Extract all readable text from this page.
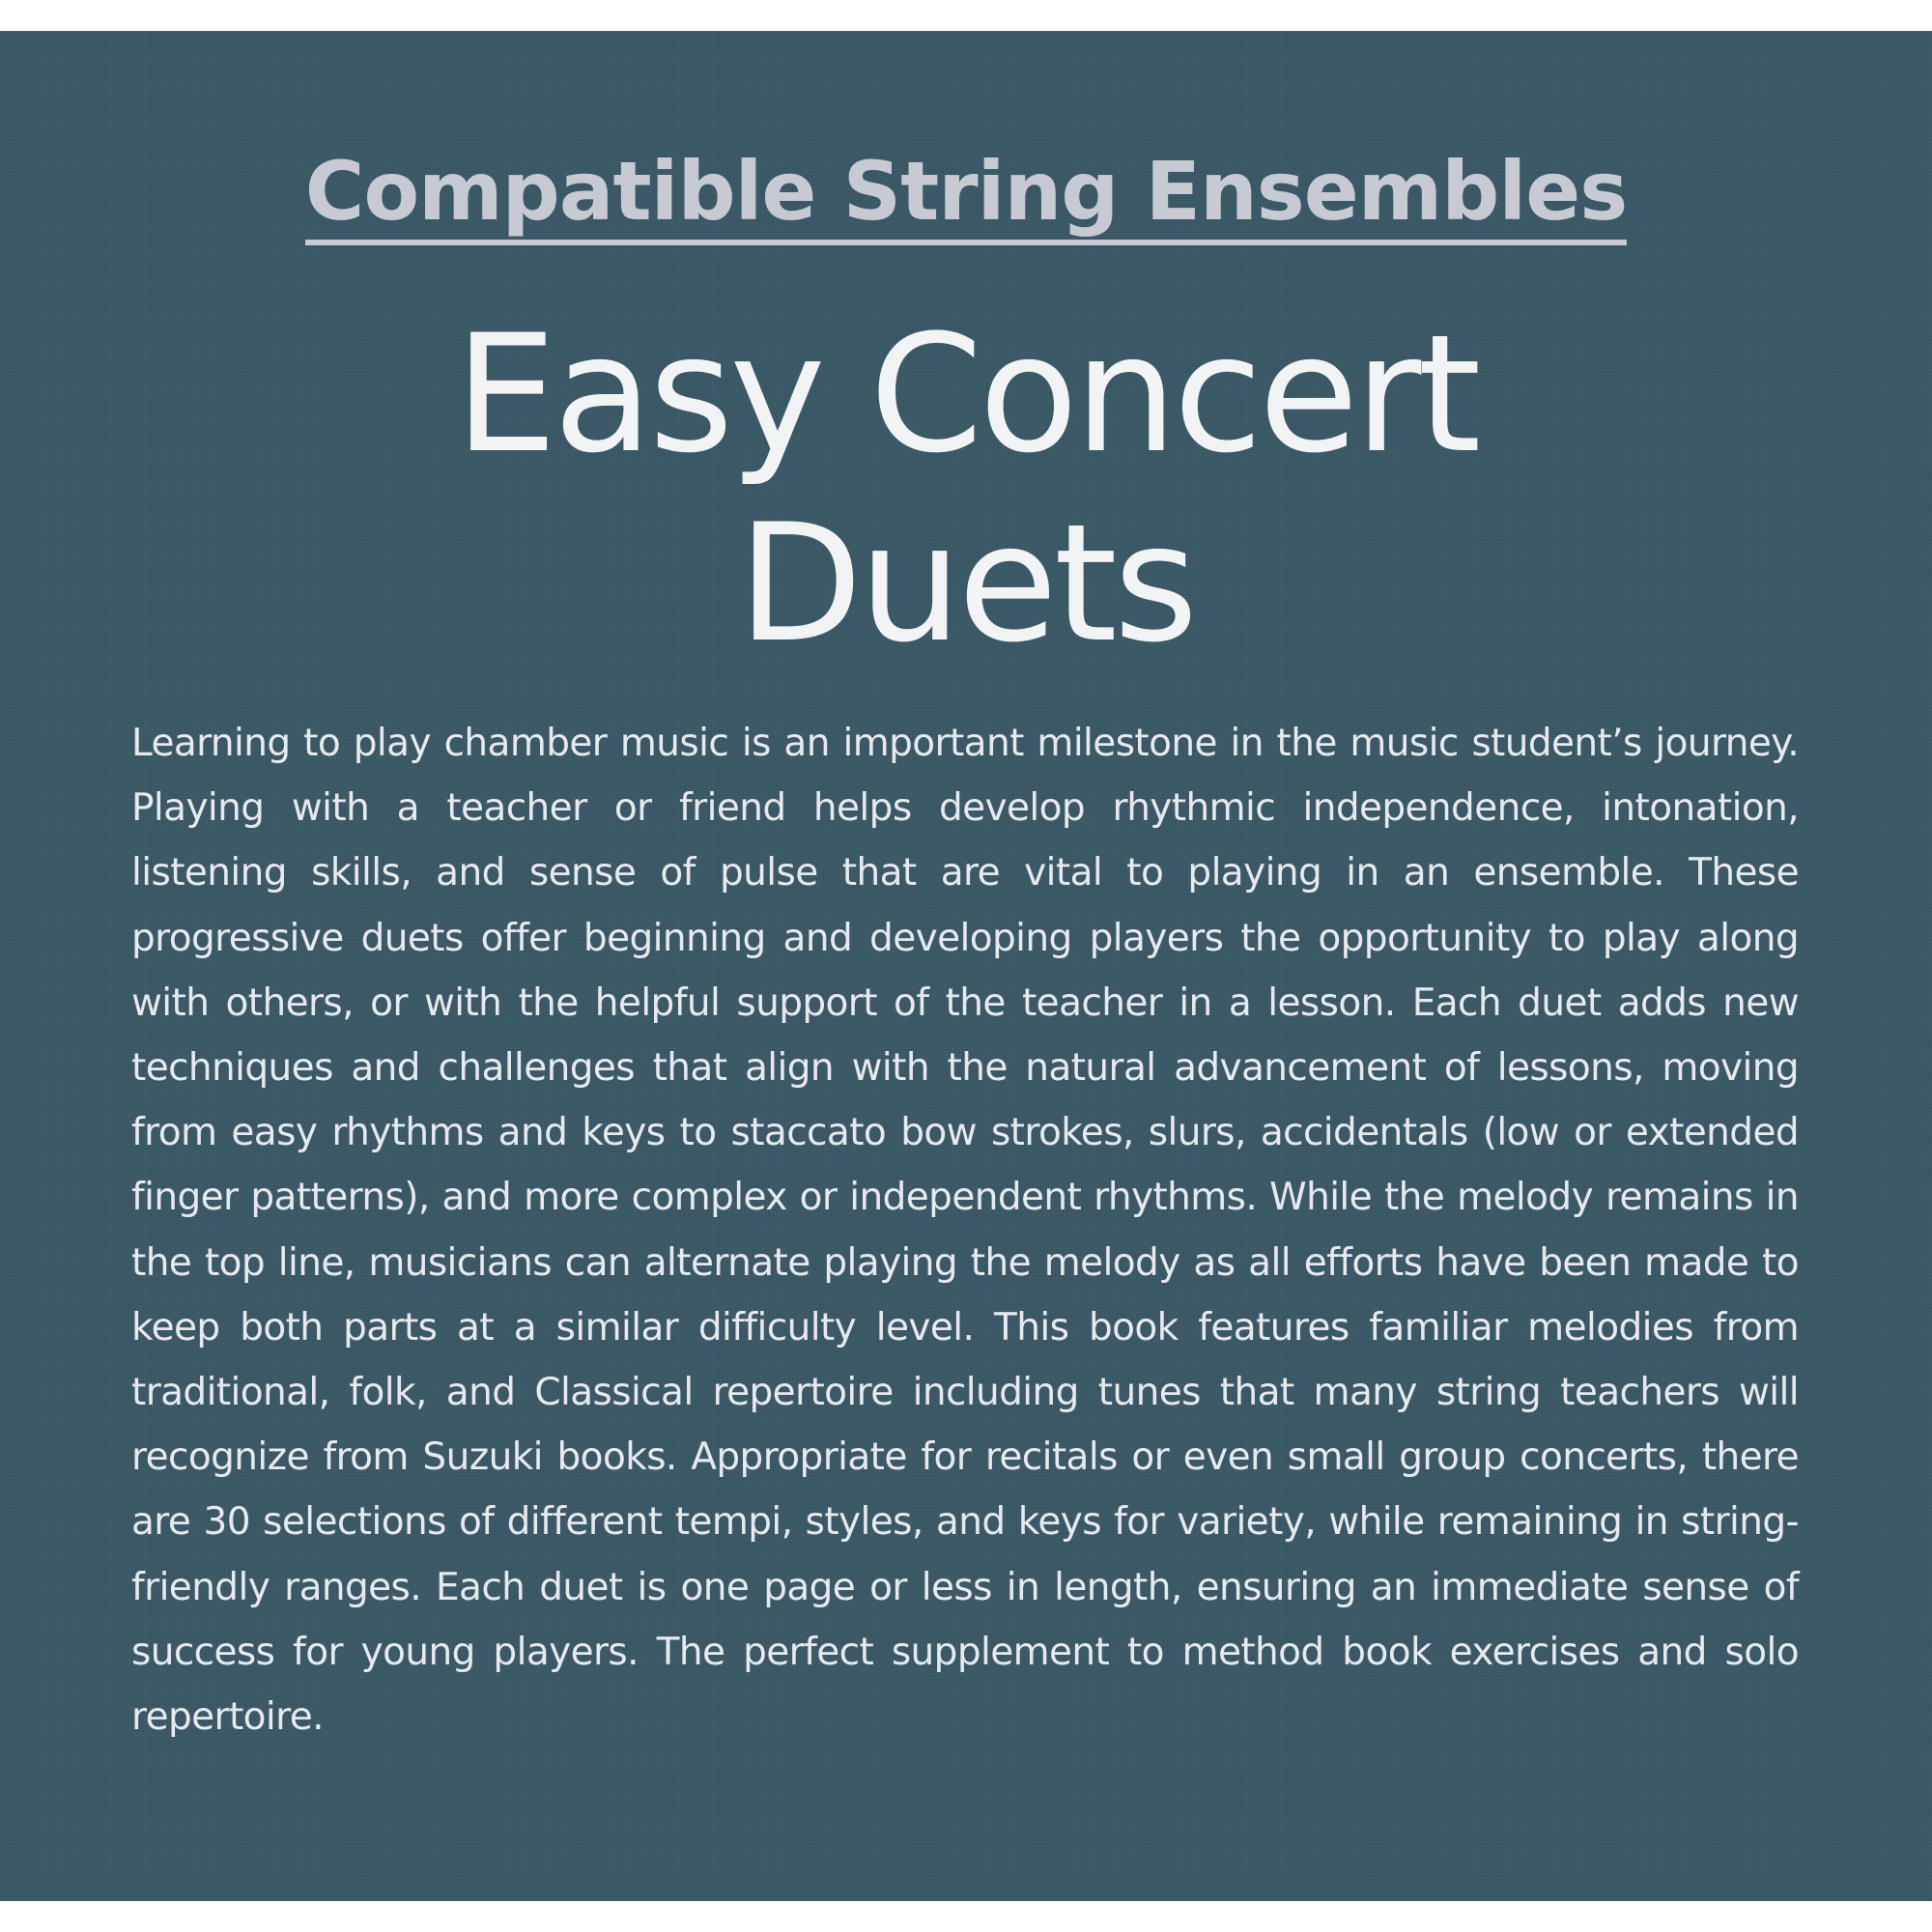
Compatible String Ensembles
Easy Concert
Duets
Learning to play chamber music is an important milestone in the music student’s journey. Playing with a teacher or friend helps develop rhythmic independence, intonation, listening skills, and sense of pulse that are vital to playing in an ensemble. These progressive duets offer beginning and developing players the opportunity to play along with others, or with the helpful support of the teacher in a lesson. Each duet adds new techniques and challenges that align with the natural advancement of lessons, moving from easy rhythms and keys to staccato bow strokes, slurs, accidentals (low or extended finger patterns), and more complex or independent rhythms. While the melody remains in the top line, musicians can alternate playing the melody as all efforts have been made to keep both parts at a similar difficulty level. This book features familiar melodies from traditional, folk, and Classical repertoire including tunes that many string teachers will recognize from Suzuki books. Appropriate for recitals or even small group concerts, there are 30 selections of different tempi, styles, and keys for variety, while remaining in string-friendly ranges. Each duet is one page or less in length, ensuring an immediate sense of success for young players. The perfect supplement to method book exercises and solo repertoire.
